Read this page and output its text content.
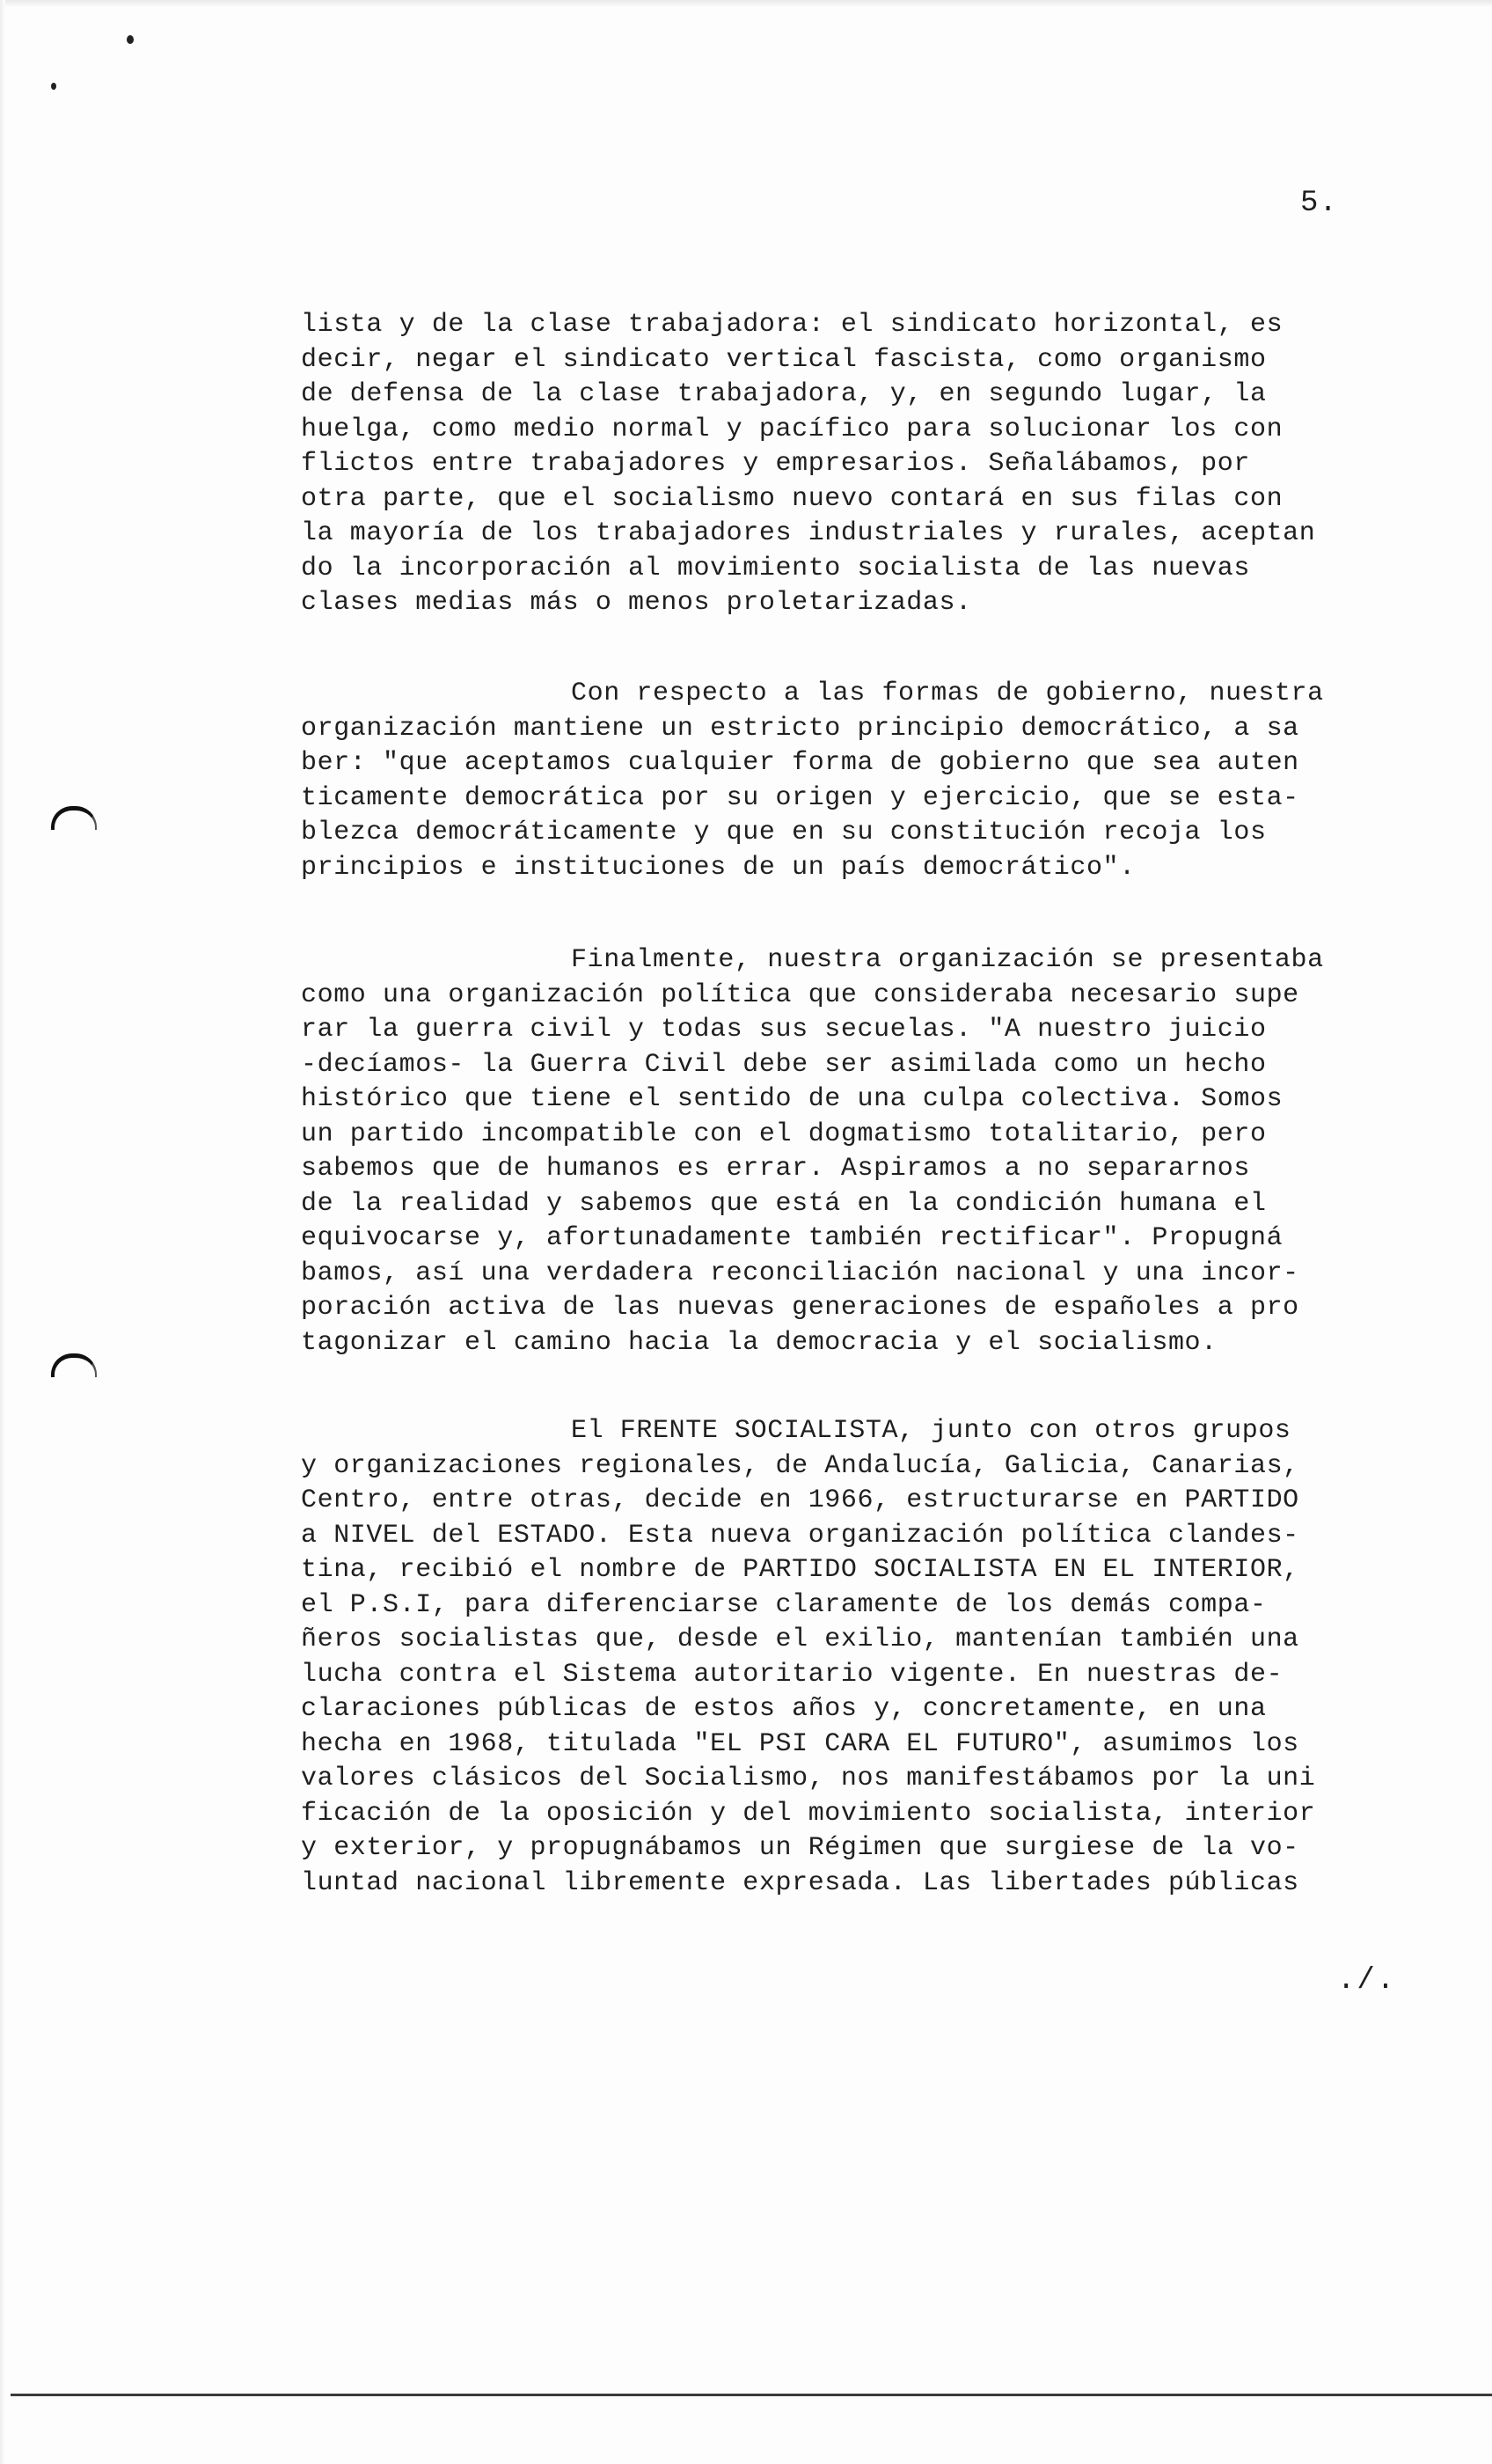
5.
lista y de la clase trabajadora: el sindicato horizontal, es
decir, negar el sindicato vertical fascista, como organismo
de defensa de la clase trabajadora, y, en segundo lugar, la
huelga, como medio normal y pacífico para solucionar los con
flictos entre trabajadores y empresarios. Señalábamos, por
otra parte, que el socialismo nuevo contará en sus filas con
la mayoría de los trabajadores industriales y rurales, aceptan
do la incorporación al movimiento socialista de las nuevas
clases medias más o menos proletarizadas.
Con respecto a las formas de gobierno, nuestra
organización mantiene un estricto principio democrático, a sa
ber: "que aceptamos cualquier forma de gobierno que sea auten
ticamente democrática por su origen y ejercicio, que se esta-
blezca democráticamente y que en su constitución recoja los
principios e instituciones de un país democrático".
Finalmente, nuestra organización se presentaba
como una organización política que consideraba necesario supe
rar la guerra civil y todas sus secuelas. "A nuestro juicio
-decíamos- la Guerra Civil debe ser asimilada como un hecho
histórico que tiene el sentido de una culpa colectiva. Somos
un partido incompatible con el dogmatismo totalitario, pero
sabemos que de humanos es errar. Aspiramos a no separarnos
de la realidad y sabemos que está en la condición humana el
equivocarse y, afortunadamente también rectificar". Propugná
bamos, así una verdadera reconciliación nacional y una incor-
poración activa de las nuevas generaciones de españoles a pro
tagonizar el camino hacia la democracia y el socialismo.
El FRENTE SOCIALISTA, junto con otros grupos
y organizaciones regionales, de Andalucía, Galicia, Canarias,
Centro, entre otras, decide en 1966, estructurarse en PARTIDO
a NIVEL del ESTADO. Esta nueva organización política clandes-
tina, recibió el nombre de PARTIDO SOCIALISTA EN EL INTERIOR,
el P.S.I, para diferenciarse claramente de los demás compa-
ñeros socialistas que, desde el exilio, mantenían también una
lucha contra el Sistema autoritario vigente. En nuestras de-
claraciones públicas de estos años y, concretamente, en una
hecha en 1968, titulada "EL PSI CARA EL FUTURO", asumimos los
valores clásicos del Socialismo, nos manifestábamos por la uni
ficación de la oposición y del movimiento socialista, interior
y exterior, y propugnábamos un Régimen que surgiese de la vo-
luntad nacional libremente expresada. Las libertades públicas
./.
